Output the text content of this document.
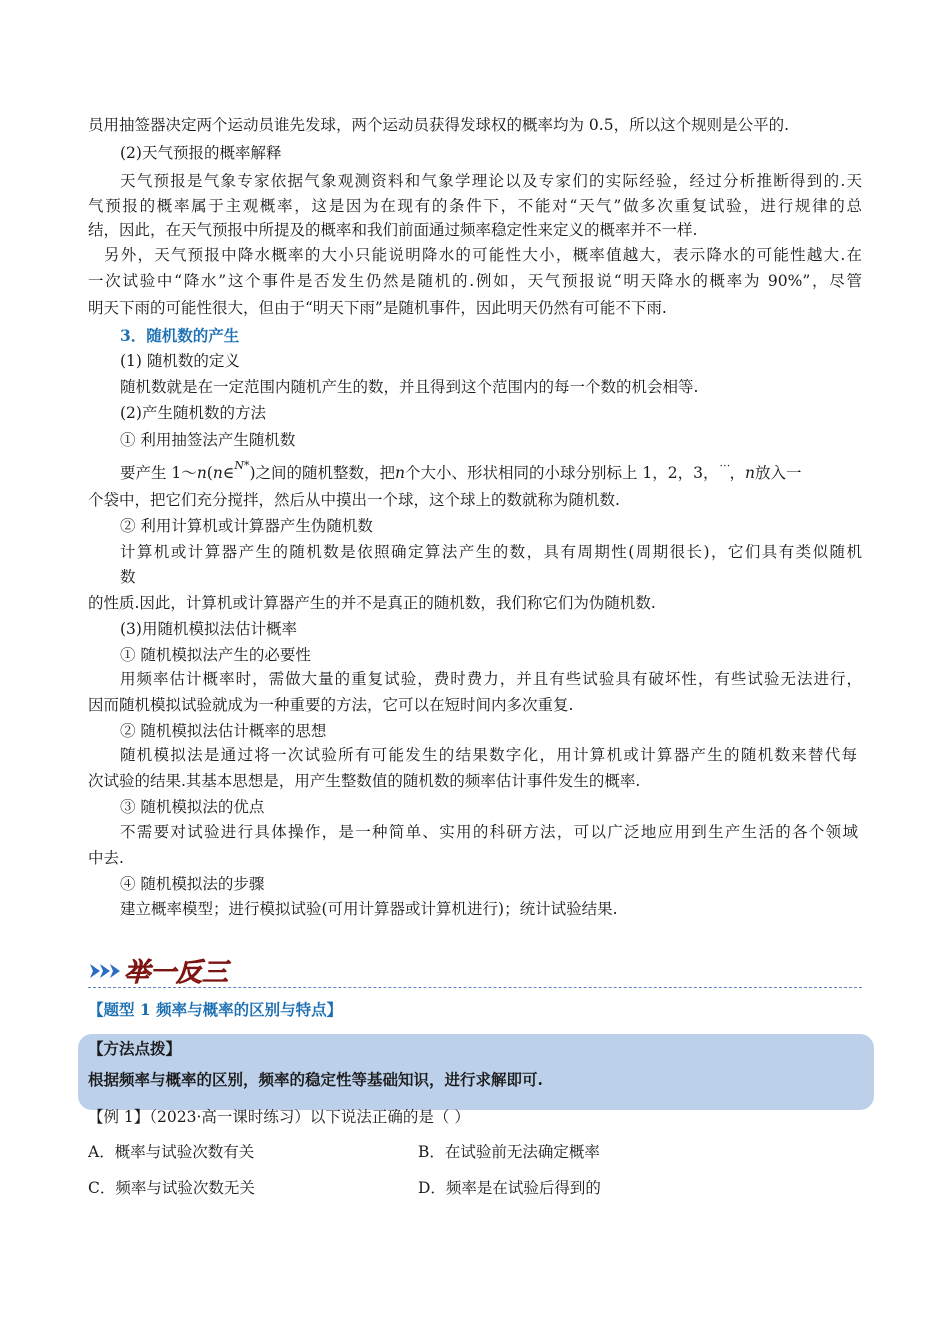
员用抽签器决定两个运动员谁先发球，两个运动员获得发球权的概率均为 0.5，所以这个规则是公平的.
(2)天气预报的概率解释
天气预报是气象专家依据气象观测资料和气象学理论以及专家们的实际经验，经过分析推断得到的.天
气预报的概率属于主观概率，这是因为在现有的条件下，不能对“天气”做多次重复试验，进行规律的总
结，因此，在天气预报中所提及的概率和我们前面通过频率稳定性来定义的概率并不一样.
另外，天气预报中降水概率的大小只能说明降水的可能性大小，概率值越大，表示降水的可能性越大.在
一次试验中“降水”这个事件是否发生仍然是随机的.例如，天气预报说“明天降水的概率为 90%”，尽管
明天下雨的可能性很大，但由于“明天下雨”是随机事件，因此明天仍然有可能不下雨.
3．随机数的产生
(1) 随机数的定义
随机数就是在一定范围内随机产生的数，并且得到这个范围内的每一个数的机会相等.
(2)产生随机数的方法
① 利用抽签法产生随机数
要产生 1～n(n∈$^{N*}$)之间的随机整数，把n个大小、形状相同的小球分别标上 1，2，3，⋯，n放入一
个袋中，把它们充分搅拌，然后从中摸出一个球，这个球上的数就称为随机数.
② 利用计算机或计算器产生伪随机数
计算机或计算器产生的随机数是依照确定算法产生的数，具有周期性(周期很长)，它们具有类似随机
数
的性质.因此，计算机或计算器产生的并不是真正的随机数，我们称它们为伪随机数.
(3)用随机模拟法估计概率
① 随机模拟法产生的必要性
用频率估计概率时，需做大量的重复试验，费时费力，并且有些试验具有破坏性，有些试验无法进行，
因而随机模拟试验就成为一种重要的方法，它可以在短时间内多次重复.
② 随机模拟法估计概率的思想
随机模拟法是通过将一次试验所有可能发生的结果数字化，用计算机或计算器产生的随机数来替代每
次试验的结果.其基本思想是，用产生整数值的随机数的频率估计事件发生的概率.
③ 随机模拟法的优点
不需要对试验进行具体操作，是一种简单、实用的科研方法，可以广泛地应用到生产生活的各个领域
中去.
④ 随机模拟法的步骤
建立概率模型；进行模拟试验(可用计算器或计算机进行)；统计试验结果.
举一反三
【题型 1 频率与概率的区别与特点】
【方法点拨】
根据频率与概率的区别，频率的稳定性等基础知识，进行求解即可.
【例 1】（2023·高一课时练习）以下说法正确的是（ ）
A．概率与试验次数有关	B．在试验前无法确定概率
C．频率与试验次数无关	D．频率是在试验后得到的
